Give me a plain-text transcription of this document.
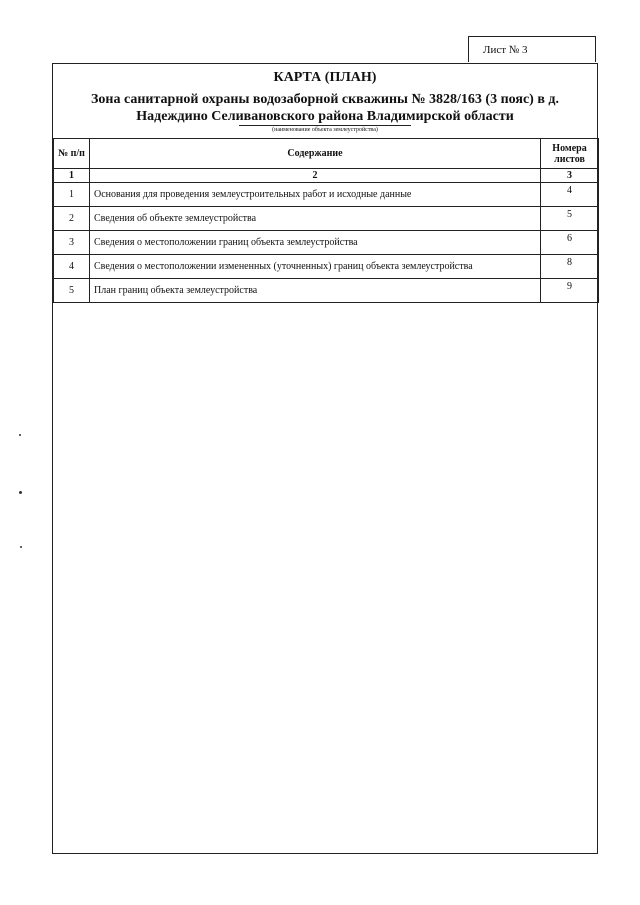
Лист № 3
КАРТА (ПЛАН)
Зона санитарной охраны водозаборной скважины № 3828/163 (3 пояс) в д.
Надеждино Селивановского района Владимирской области
(наименование объекта землеустройства)
№ п/п	Содержание	Номера листов
1	2	3
1	Основания для проведения землеустроительных работ и исходные данные	4
2	Сведения об объекте землеустройства	5
3	Сведения о местоположении границ объекта землеустройства	6
4	Сведения о местоположении измененных (уточненных) границ объекта землеустройства	8
5	План границ объекта землеустройства	9
